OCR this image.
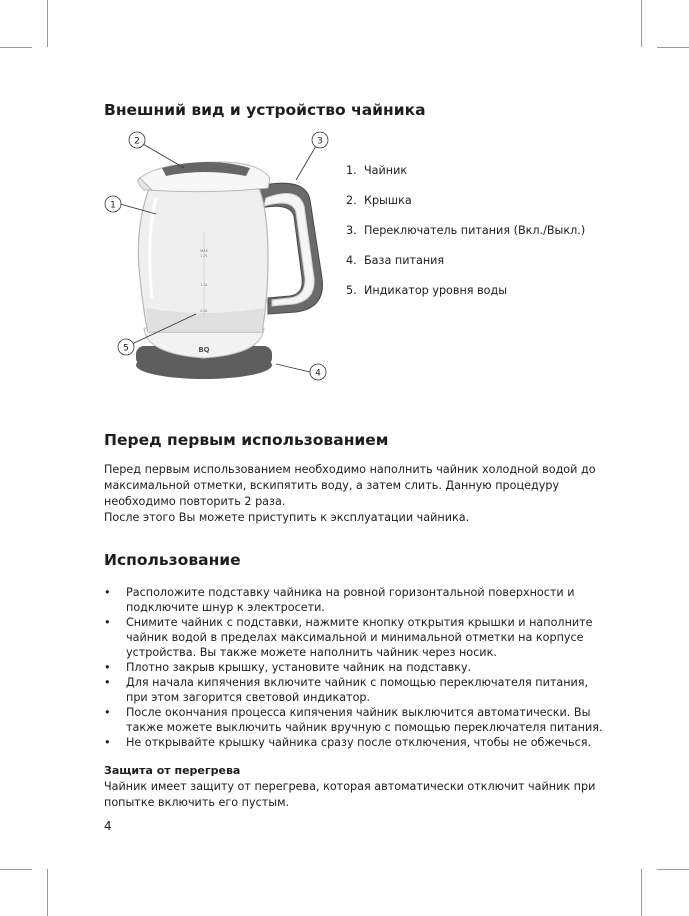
Внешний вид и устройство чайника
BQ
MAX
1.7L
1.0L
0.5L
1
2	3
4
5
1. Чайник
2. Крышка
3. Переключатель питания (Вкл./Выкл.)
4. База питания
5. Индикатор уровня воды
Перед первым использованием

Перед первым использованием необходимо наполнить чайник холодной водой до максимальной отметки, вскипятить воду, а затем слить. Данную процедуру необходимо повторить 2 раза.

После этого Вы можете приступить к эксплуатации чайника.

Использование
• Расположите подставку чайника на ровной горизонтальной поверхности и подключите шнур к электросети.
• Снимите чайник с подставки, нажмите кнопку открытия крышки и наполните чайник водой в пределах максимальной и минимальной отметки на корпусе устройства. Вы также можете наполнить чайник через носик.
• Плотно закрыв крышку, установите чайник на подставку.
• Для начала кипячения включите чайник с помощью переключателя питания, при этом загорится световой индикатор.
• После окончания процесса кипячения чайник выключится автоматически. Вы также можете выключить чайник вручную с помощью переключателя питания.
• Не открывайте крышку чайника сразу после отключения, чтобы не обжечься.
Защита от перегрева
Чайник имеет защиту от перегрева, которая автоматически отключит чайник при попытке включить его пустым.
4
